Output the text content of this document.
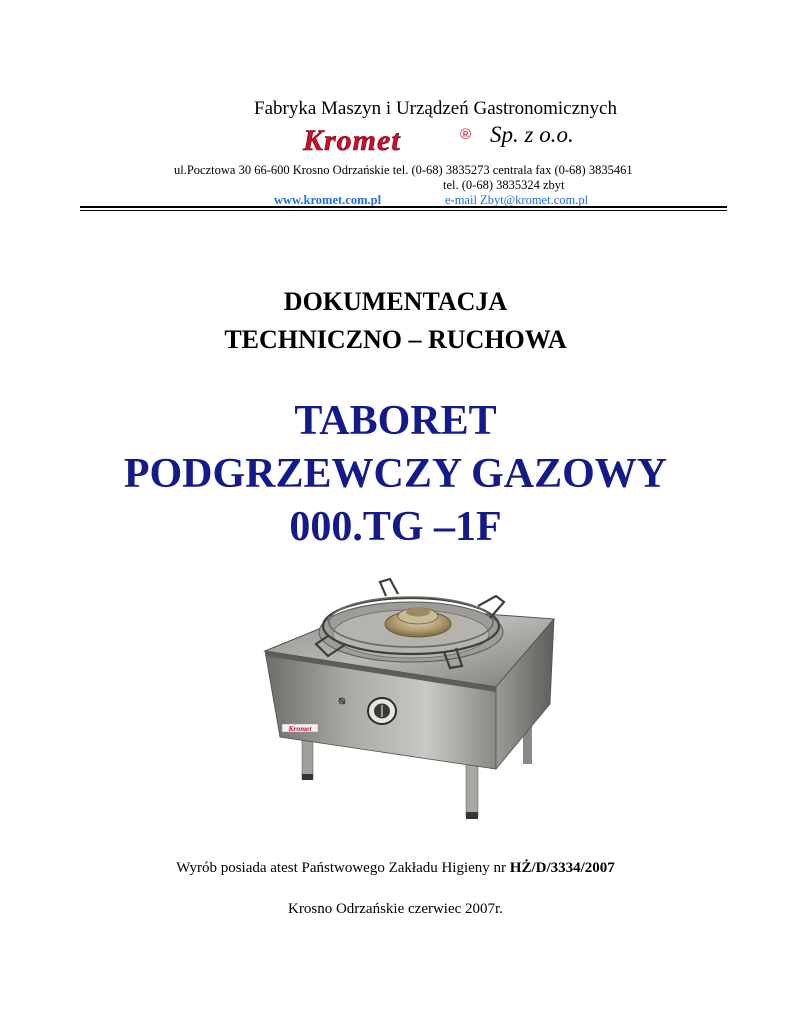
Fabryka Maszyn i Urządzeń Gastronomicznych
Kromet	® Sp. z o.o.
ul.Pocztowa 30 66-600 Krosno Odrzańskie tel. (0-68) 3835273 centrala fax (0-68) 3835461
tel. (0-68) 3835324 zbyt
www.kromet.com.pl	e-mail Zbyt@kromet.com.pl
DOKUMENTACJA
TECHNICZNO – RUCHOWA
TABORET
PODGRZEWCZY GAZOWY
000.TG –1F
Kromet
Wyrób posiada atest Państwowego Zakładu Higieny nr HŻ/D/3334/2007
Krosno Odrzańskie czerwiec 2007r.
